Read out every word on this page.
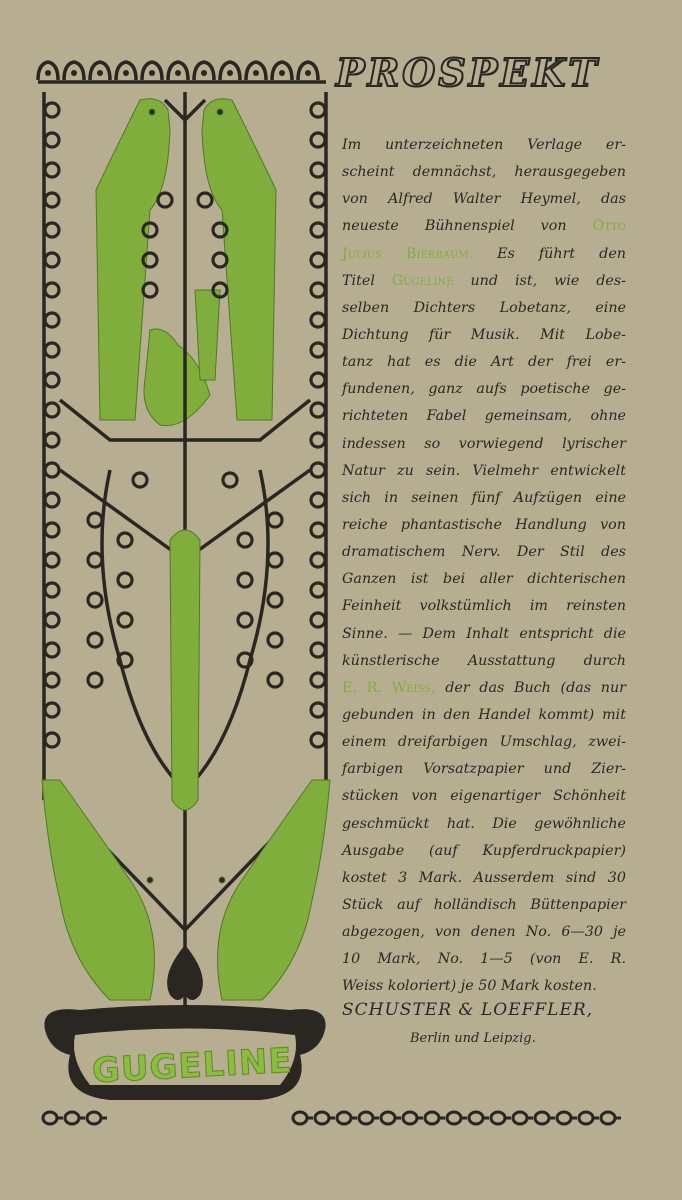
PROSPEKT
Im unterzeichneten Verlage er-
scheint demnächst, herausgegeben
von Alfred Walter Heymel, das
neueste Bühnenspiel von Otto
Julius Bierbaum. Es führt den
Titel Gugeline und ist, wie des-
selben Dichters Lobetanz, eine
Dichtung für Musik. Mit Lobe-
tanz hat es die Art der frei er-
fundenen, ganz aufs poetische ge-
richteten Fabel gemeinsam, ohne
indessen so vorwiegend lyrischer
Natur zu sein. Vielmehr entwickelt
sich in seinen fünf Aufzügen eine
reiche phantastische Handlung von
dramatischem Nerv. Der Stil des
Ganzen ist bei aller dichterischen
Feinheit volkstümlich im reinsten
Sinne. — Dem Inhalt entspricht die
künstlerische Ausstattung durch
E. R. Weiss, der das Buch (das nur
gebunden in den Handel kommt) mit
einem dreifarbigen Umschlag, zwei-
farbigen Vorsatzpapier und Zier-
stücken von eigenartiger Schönheit
geschmückt hat. Die gewöhnliche
Ausgabe (auf Kupferdruckpapier)
kostet 3 Mark. Ausserdem sind 30
Stück auf holländisch Büttenpapier
abgezogen, von denen No. 6—30 je
10 Mark, No. 1—5 (von E. R.
Weiss koloriert) je 50 Mark kosten.
GUGELINE
SCHUSTER & LOEFFLER,
Berlin und Leipzig.
